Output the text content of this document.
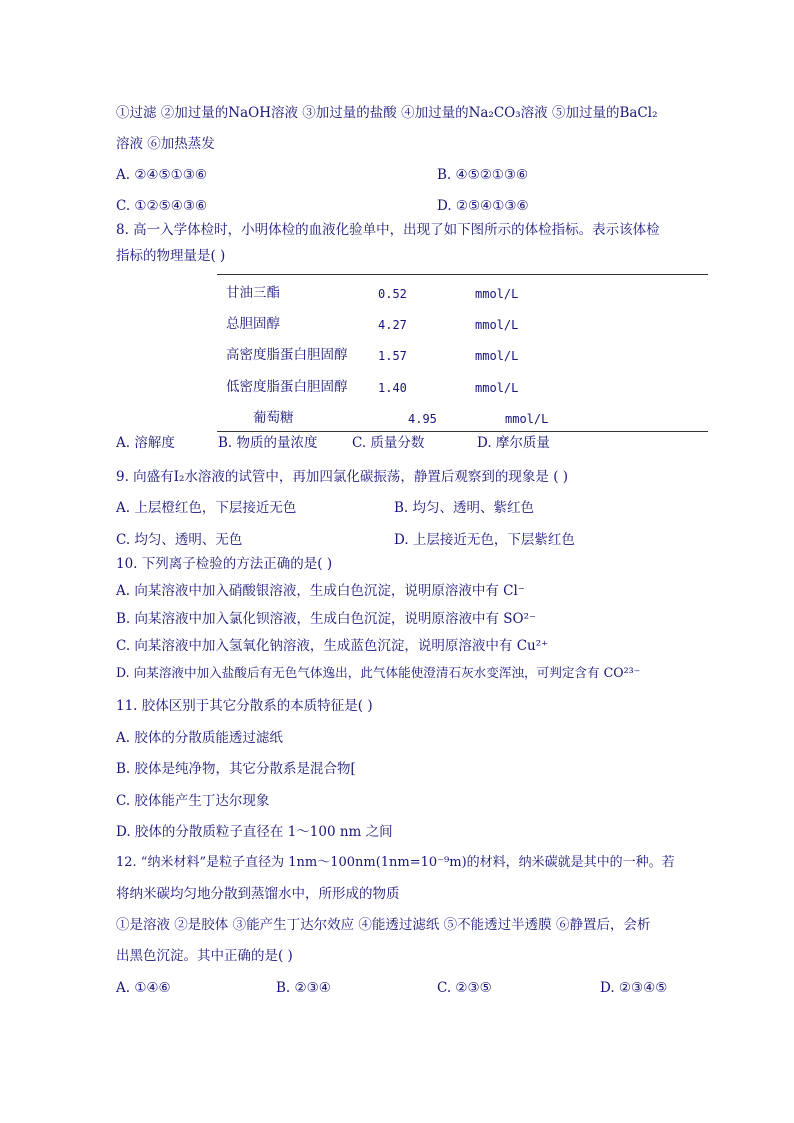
①过滤 ②加过量的NaOH溶液 ③加过量的盐酸 ④加过量的Na₂CO₃溶液 ⑤加过量的BaCl₂
溶液 ⑥加热蒸发
A. ②④⑤①③⑥	B. ④⑤②①③⑥
C. ①②⑤④③⑥	D. ②⑤④①③⑥
8. 高一入学体检时，小明体检的血液化验单中，出现了如下图所示的体检指标。表示该体检
指标的物理量是( )
甘油三酯	0.52	mmol/L
总胆固醇	4.27	mmol/L
高密度脂蛋白胆固醇	1.57	mmol/L
低密度脂蛋白胆固醇	1.40	mmol/L
葡萄糖	4.95	mmol/L
A. 溶解度	B. 物质的量浓度	C. 质量分数	D. 摩尔质量
9. 向盛有I₂水溶液的试管中，再加四氯化碳振荡，静置后观察到的现象是 ( )
A. 上层橙红色，下层接近无色	B. 均匀、透明、紫红色
C. 均匀、透明、无色	D. 上层接近无色，下层紫红色
10. 下列离子检验的方法正确的是( )
A. 向某溶液中加入硝酸银溶液，生成白色沉淀，说明原溶液中有 Cl⁻
B. 向某溶液中加入氯化钡溶液，生成白色沉淀，说明原溶液中有 SO²⁻
C. 向某溶液中加入氢氧化钠溶液，生成蓝色沉淀，说明原溶液中有 Cu²⁺
D. 向某溶液中加入盐酸后有无色气体逸出，此气体能使澄清石灰水变浑浊，可判定含有 CO²³⁻
11. 胶体区别于其它分散系的本质特征是( )
A. 胶体的分散质能透过滤纸
B. 胶体是纯净物，其它分散系是混合物[
C. 胶体能产生丁达尔现象
D. 胶体的分散质粒子直径在 1～100 nm 之间
12. “纳米材料”是粒子直径为 1nm～100nm(1nm=10⁻⁹m)的材料，纳米碳就是其中的一种。若
将纳米碳均匀地分散到蒸馏水中，所形成的物质
①是溶液 ②是胶体 ③能产生丁达尔效应 ④能透过滤纸 ⑤不能透过半透膜 ⑥静置后，会析
出黑色沉淀。其中正确的是( )
A. ①④⑥	B. ②③④	C. ②③⑤	D. ②③④⑤
